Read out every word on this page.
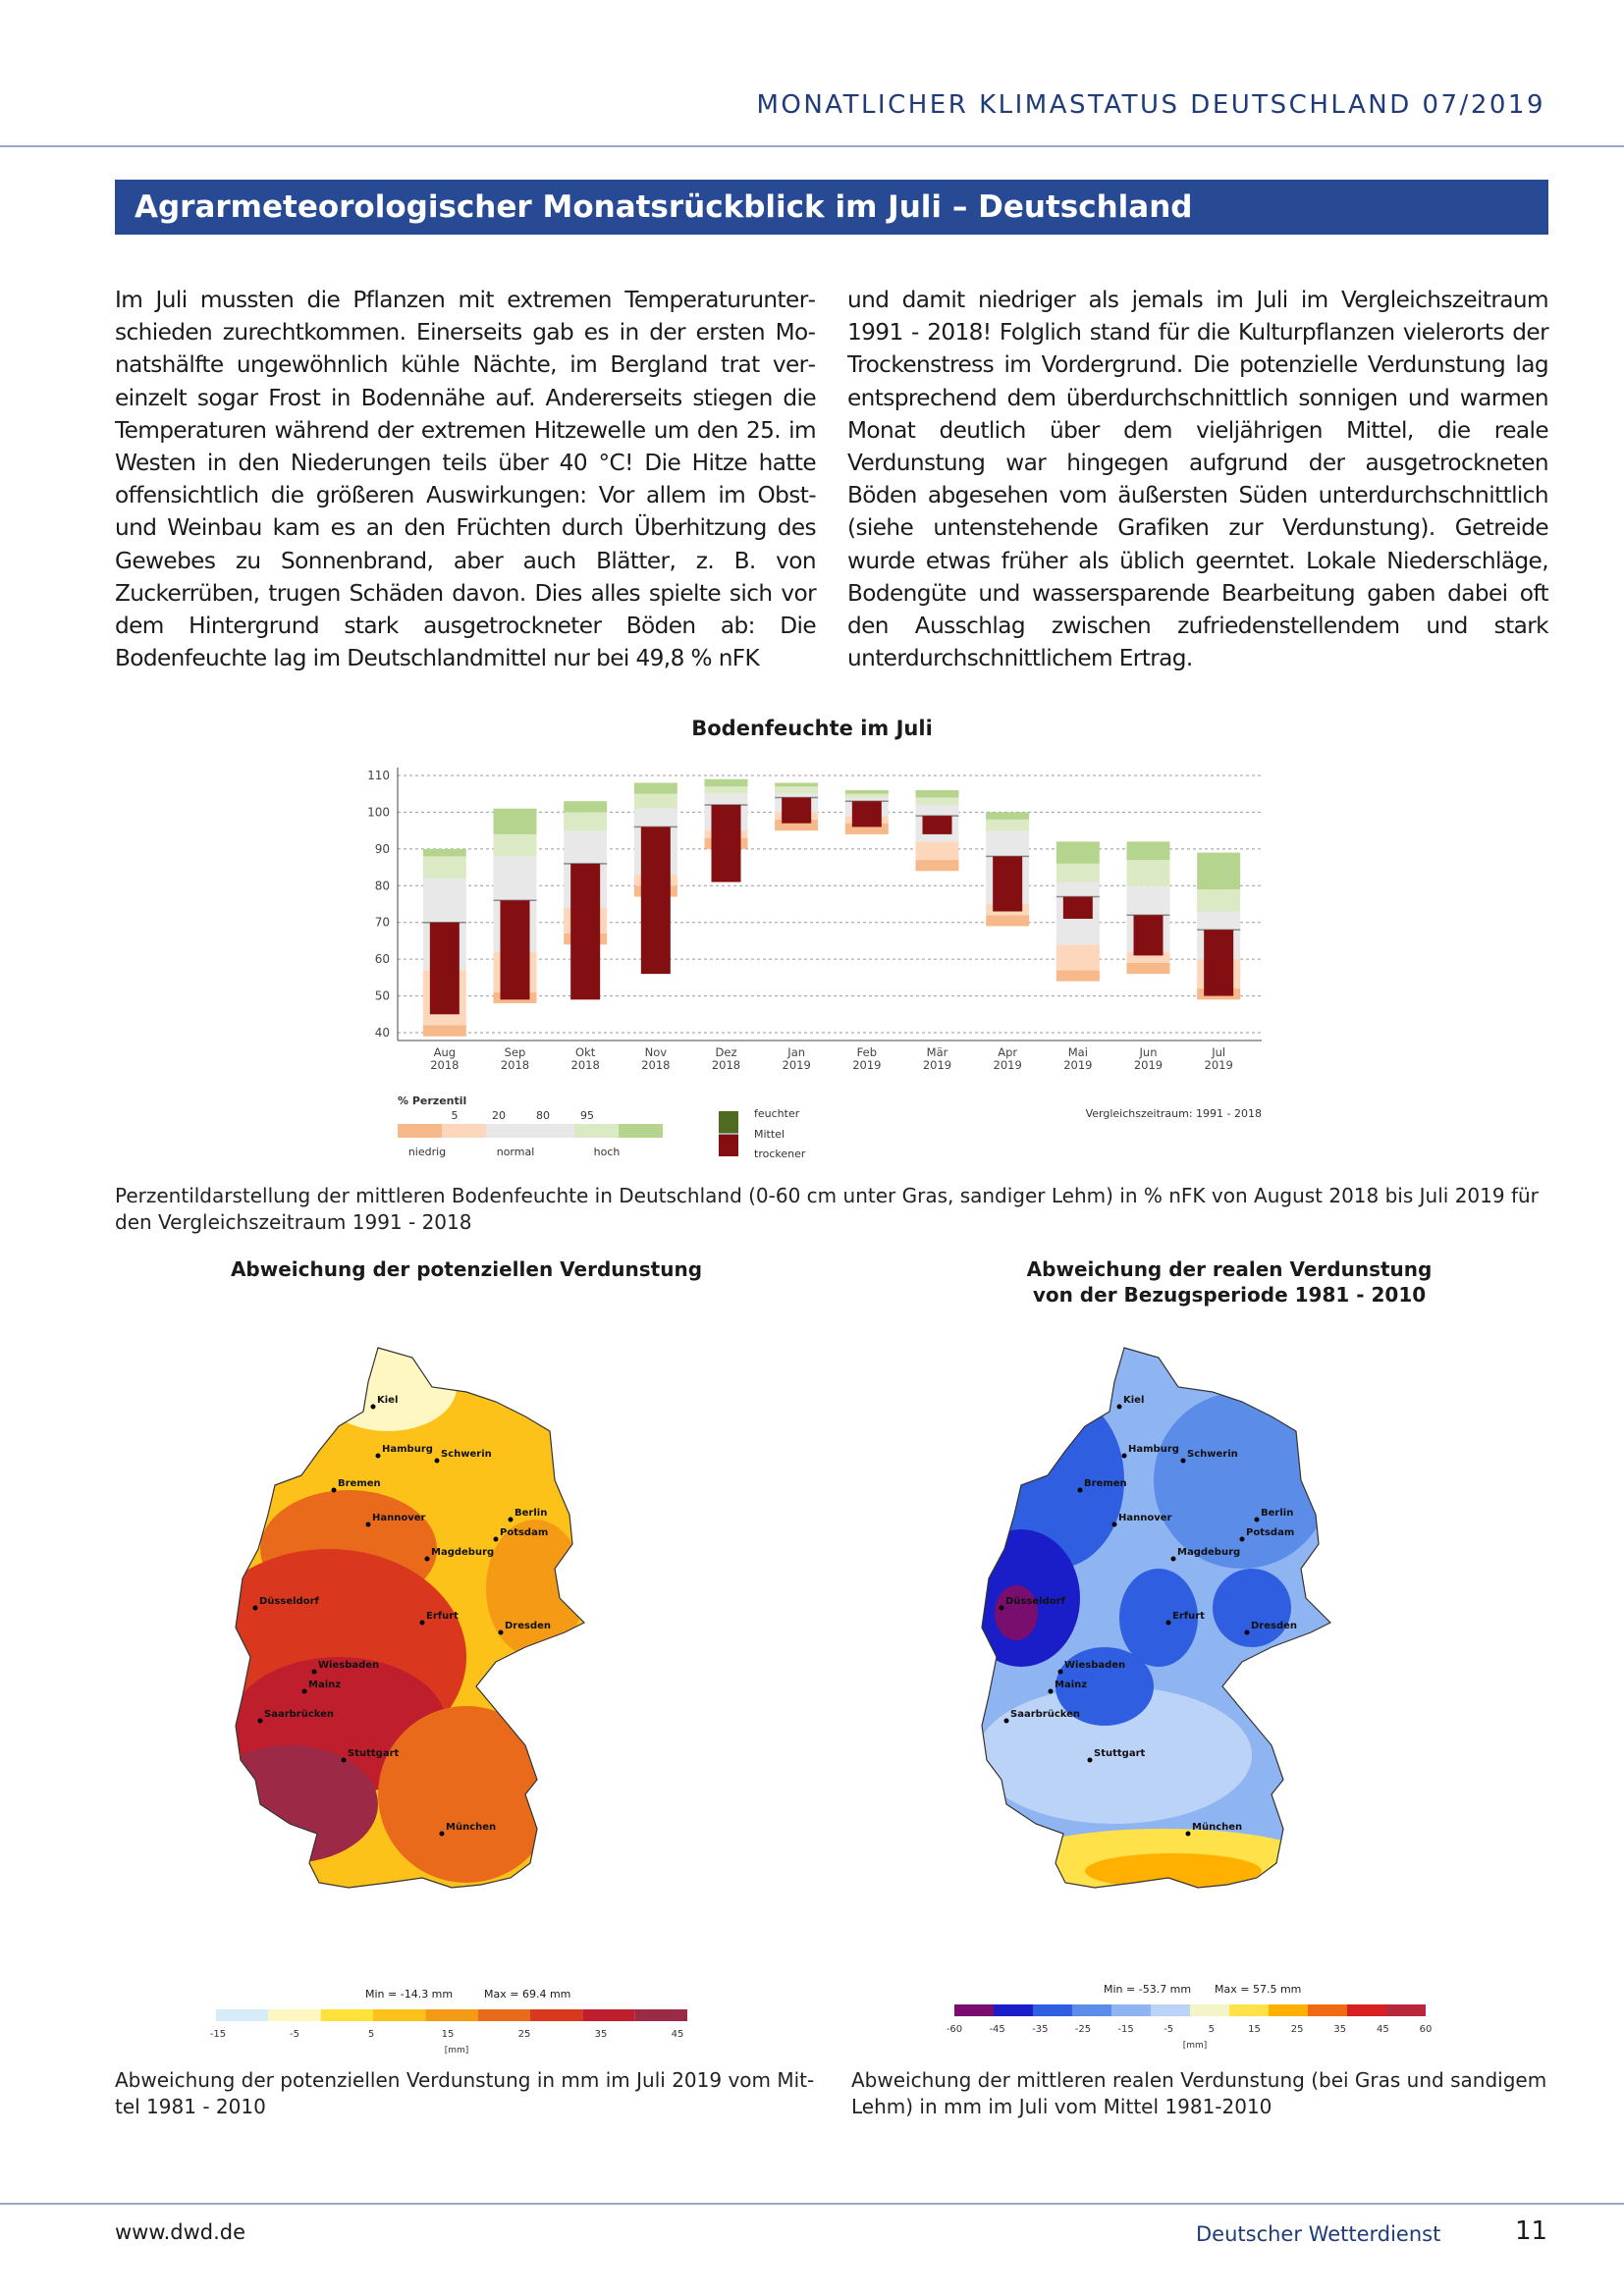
MONATLICHER KLIMASTATUS DEUTSCHLAND 07/2019
Agrarmeteorologischer Monatsrückblick im Juli – Deutschland

Im Juli mussten die Pflanzen mit extremen Temperaturunterschieden zurechtkommen. Einerseits gab es in der ersten Monatshälfte ungewöhnlich kühle Nächte, im Bergland trat vereinzelt sogar Frost in Bodennähe auf. Andererseits stiegen die Temperaturen während der extremen Hitzewelle um den 25. im Westen in den Niederungen teils über 40 °C! Die Hitze hatte offensichtlich die größeren Auswirkungen: Vor allem im Obst- und Weinbau kam es an den Früchten durch Überhitzung des Gewebes zu Sonnenbrand, aber auch Blätter, z. B. von Zuckerrüben, trugen Schäden davon. Dies alles spielte sich vor dem Hintergrund stark ausgetrockneter Böden ab: Die Bodenfeuchte lag im Deutschlandmittel nur bei 49,8 % nFK

und damit niedriger als jemals im Juli im Vergleichszeitraum 1991 - 2018! Folglich stand für die Kulturpflanzen vielerorts der Trockenstress im Vordergrund. Die potenzielle Verdunstung lag entsprechend dem überdurchschnittlich sonnigen und warmen Monat deutlich über dem vieljährigen Mittel, die reale Verdunstung war hingegen aufgrund der ausgetrockneten Böden abgesehen vom äußersten Süden unterdurchschnittlich (siehe untenstehende Grafiken zur Verdunstung). Getreide wurde etwas früher als üblich geerntet. Lokale Niederschläge, Bodengüte und wassersparende Bearbeitung gaben dabei oft den Ausschlag zwischen zufriedenstellendem und stark unterdurchschnittlichem Ertrag.

Bodenfeuchte im Juli
40
50
60
70
80
90
100
110
Aug
2018
Sep
2018
Okt
2018
Nov
2018
Dez
2018
Jan
2019
Feb
2019
Mär
2019
Apr
2019
Mai
2019
Jun
2019
Jul
2019
% Perzentil
5	20	80	95
niedrig	normal	hoch
feuchter
Mittel
trockener
Vergleichszeitraum: 1991 - 2018
Perzentildarstellung der mittleren Bodenfeuchte in Deutschland (0-60 cm unter Gras, sandiger Lehm) in % nFK von August 2018 bis Juli 2019 für den Vergleichszeitraum 1991 - 2018
Abweichung der potenziellen Verdunstung	Abweichung der realen Verdunstung
von der Bezugsperiode 1981 - 2010
Kiel
Hamburg Schwerin
Bremen
Berlin
Hannover
Potsdam
Magdeburg
Düsseldorf
Erfurt
Dresden
Wiesbaden
Mainz
Saarbrücken
Stuttgart
München
Kiel
Hamburg Schwerin
Bremen
Berlin
Hannover
Potsdam
Magdeburg
Düsseldorf
Erfurt
Dresden
Wiesbaden
Mainz
Saarbrücken
Stuttgart
München
Min = -14.3 mm	Max = 69.4 mm	Min = -53.7 mm Max = 57.5 mm
-15	-5	5	15	25	35	45
[mm]
-60	-45	-35	-25	-15	-5	5	15	25	35	45	60
[mm]
Abweichung der potenziellen Verdunstung in mm im Juli 2019 vom Mittel 1981 - 2010
Abweichung der mittleren realen Verdunstung (bei Gras und sandigem Lehm) in mm im Juli vom Mittel 1981-2010
www.dwd.de	Deutscher Wetterdienst	11
